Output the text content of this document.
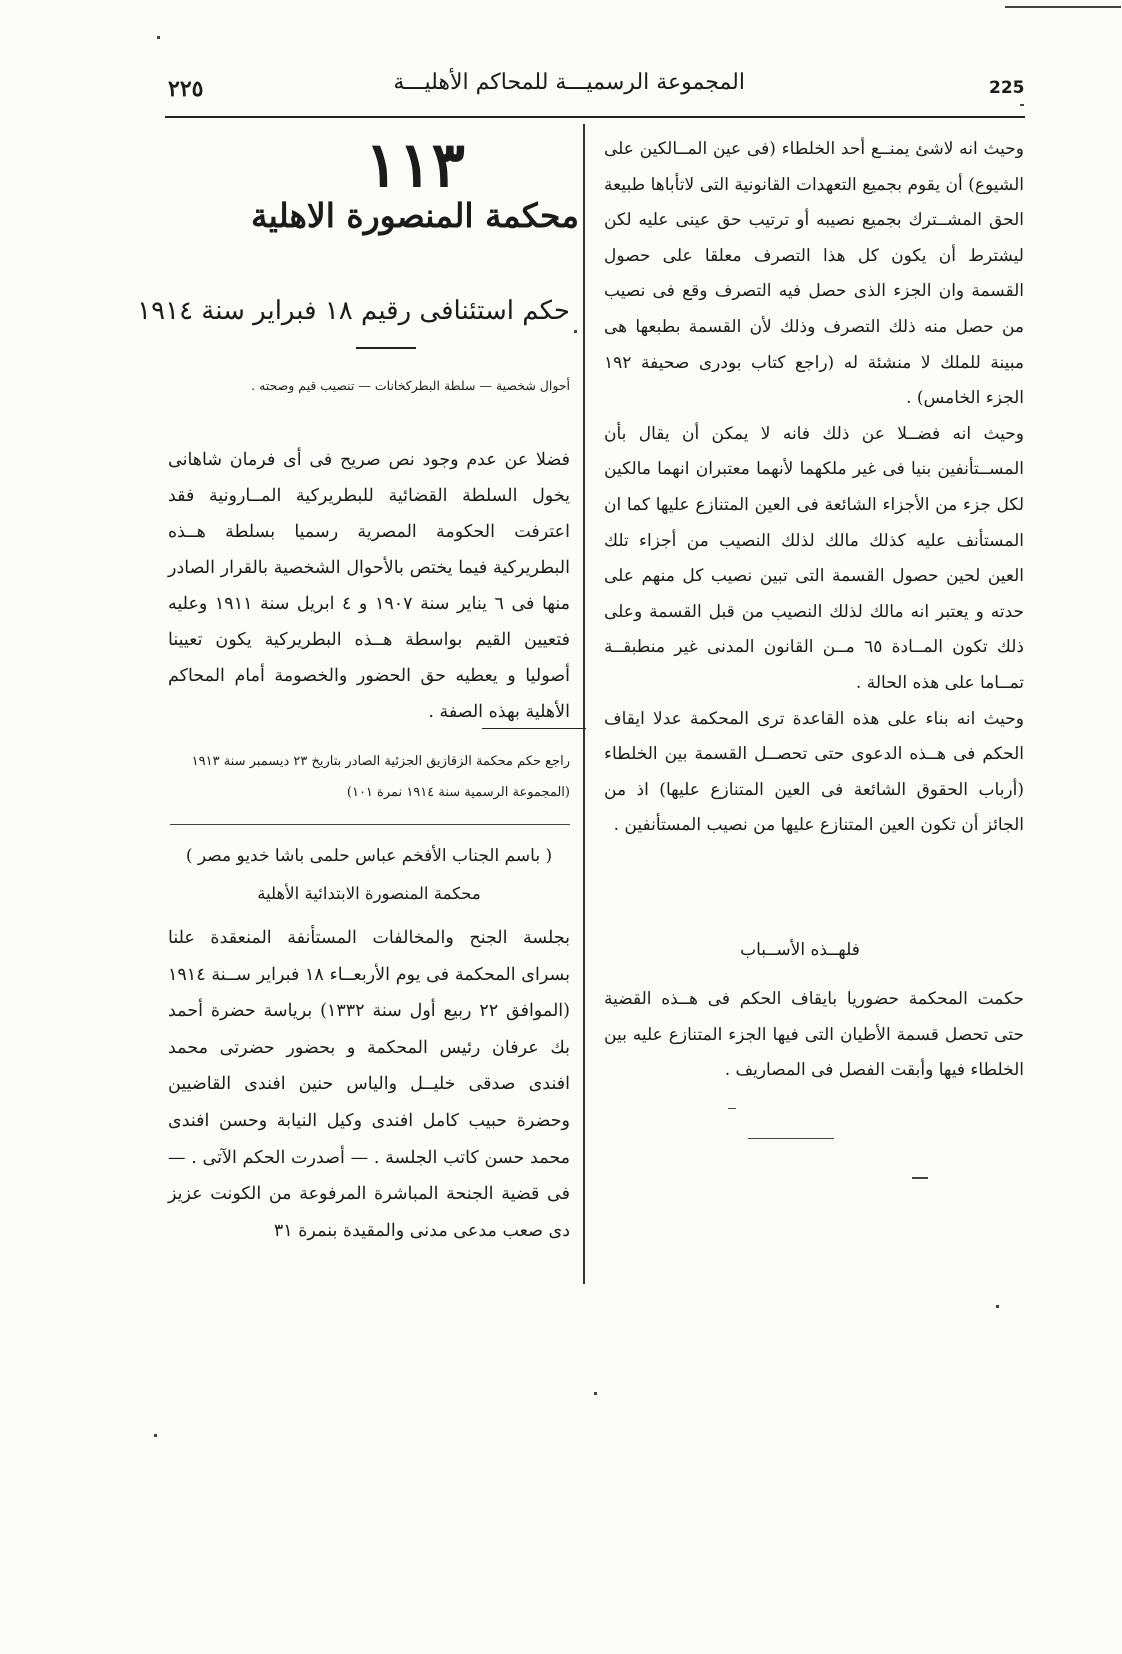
٢٢٥	المجموعة الرسميـــة للمحاكم الأهليـــة	225

وحيث انه لاشئ يمنــع أحد الخلطاء (فى عين المــالكين على الشيوع) أن يقوم بجميع التعهدات القانونية التى لاتأباها طبيعة الحق المشــترك بجميع نصيبه أو ترتيب حق عينى عليه لكن ليشترط أن يكون كل هذا التصرف معلقا على حصول القسمة وان الجزء الذى حصل فيه التصرف وقع فى نصيب من حصل منه ذلك التصرف وذلك لأن القسمة بطبعها هى مبينة للملك لا منشئة له (راجع كتاب بودرى صحيفة ١٩٢ الجزء الخامس) .

وحيث انه فضــلا عن ذلك فانه لا يمكن أن يقال بأن المســتأنفين بنيا فى غير ملكهما لأنهما معتبران انهما مالكين لكل جزء من الأجزاء الشائعة فى العين المتنازع عليها كما ان المستأنف عليه كذلك مالك لذلك النصيب من أجزاء تلك العين لحين حصول القسمة التى تبين نصيب كل منهم على حدته و يعتبر انه مالك لذلك النصيب من قبل القسمة وعلى ذلك تكون المــادة ٦٥ مــن القانون المدنى غير منطبقــة تمــاما على هذه الحالة .

وحيث انه بناء على هذه القاعدة ترى المحكمة عدلا ايقاف الحكم فى هــذه الدعوى حتى تحصــل القسمة بين الخلطاء (أرباب الحقوق الشائعة فى العين المتنازع عليها) اذ من الجائز أن تكون العين المتنازع عليها من نصيب المستأنفين .

فلهــذه الأســباب

حكمت المحكمة حضوريا بايقاف الحكم فى هــذه القضية حتى تحصل قسمة الأطيان التى فيها الجزء المتنازع عليه بين الخلطاء فيها وأبقت الفصل فى المصاريف .

١١٣
محكمة المنصورة الاهلية
حكم استئنافى رقيم ١٨ فبراير سنة ١٩١٤
أحوال شخصية — سلطة البطركخانات — تنصيب قيم وصحته .

فضلا عن عدم وجود نص صريح فى أى فرمان شاهانى يخول السلطة القضائية للبطريركية المــارونية فقد اعترفت الحكومة المصرية رسميا بسلطة هــذه البطريركية فيما يختص بالأحوال الشخصية بالقرار الصادر منها فى ٦ يناير سنة ١٩٠٧ و ٤ ابريل سنة ١٩١١ وعليه فتعيين القيم بواسطة هــذه البطريركية يكون تعيينا أصوليا و يعطيه حق الحضور والخصومة أمام المحاكم الأهلية بهذه الصفة .

راجع حكم محكمة الزقازيق الجزئية الصادر بتاريخ ٢٣ ديسمبر سنة ١٩١٣
(المجموعة الرسمية سنة ١٩١٤ نمرة ١٠١)
( باسم الجناب الأفخم عباس حلمى باشا خديو مصر )
محكمة المنصورة الابتدائية الأهلية

بجلسة الجنح والمخالفات المستأنفة المنعقدة علنا بسراى المحكمة فى يوم الأربعــاء ١٨ فبراير ســنة ١٩١٤ (الموافق ٢٢ ربيع أول سنة ١٣٣٢) برياسة حضرة أحمد بك عرفان رئيس المحكمة و بحضور حضرتى محمد افندى صدقى خليــل والياس حنين افندى القاضيين وحضرة حبيب كامل افندى وكيل النيابة وحسن افندى محمد حسن كاتب الجلسة . — أصدرت الحكم الآتى . — فى قضية الجنحة المباشرة المرفوعة من الكونت عزيز دى صعب مدعى مدنى والمقيدة بنمرة ٣١
